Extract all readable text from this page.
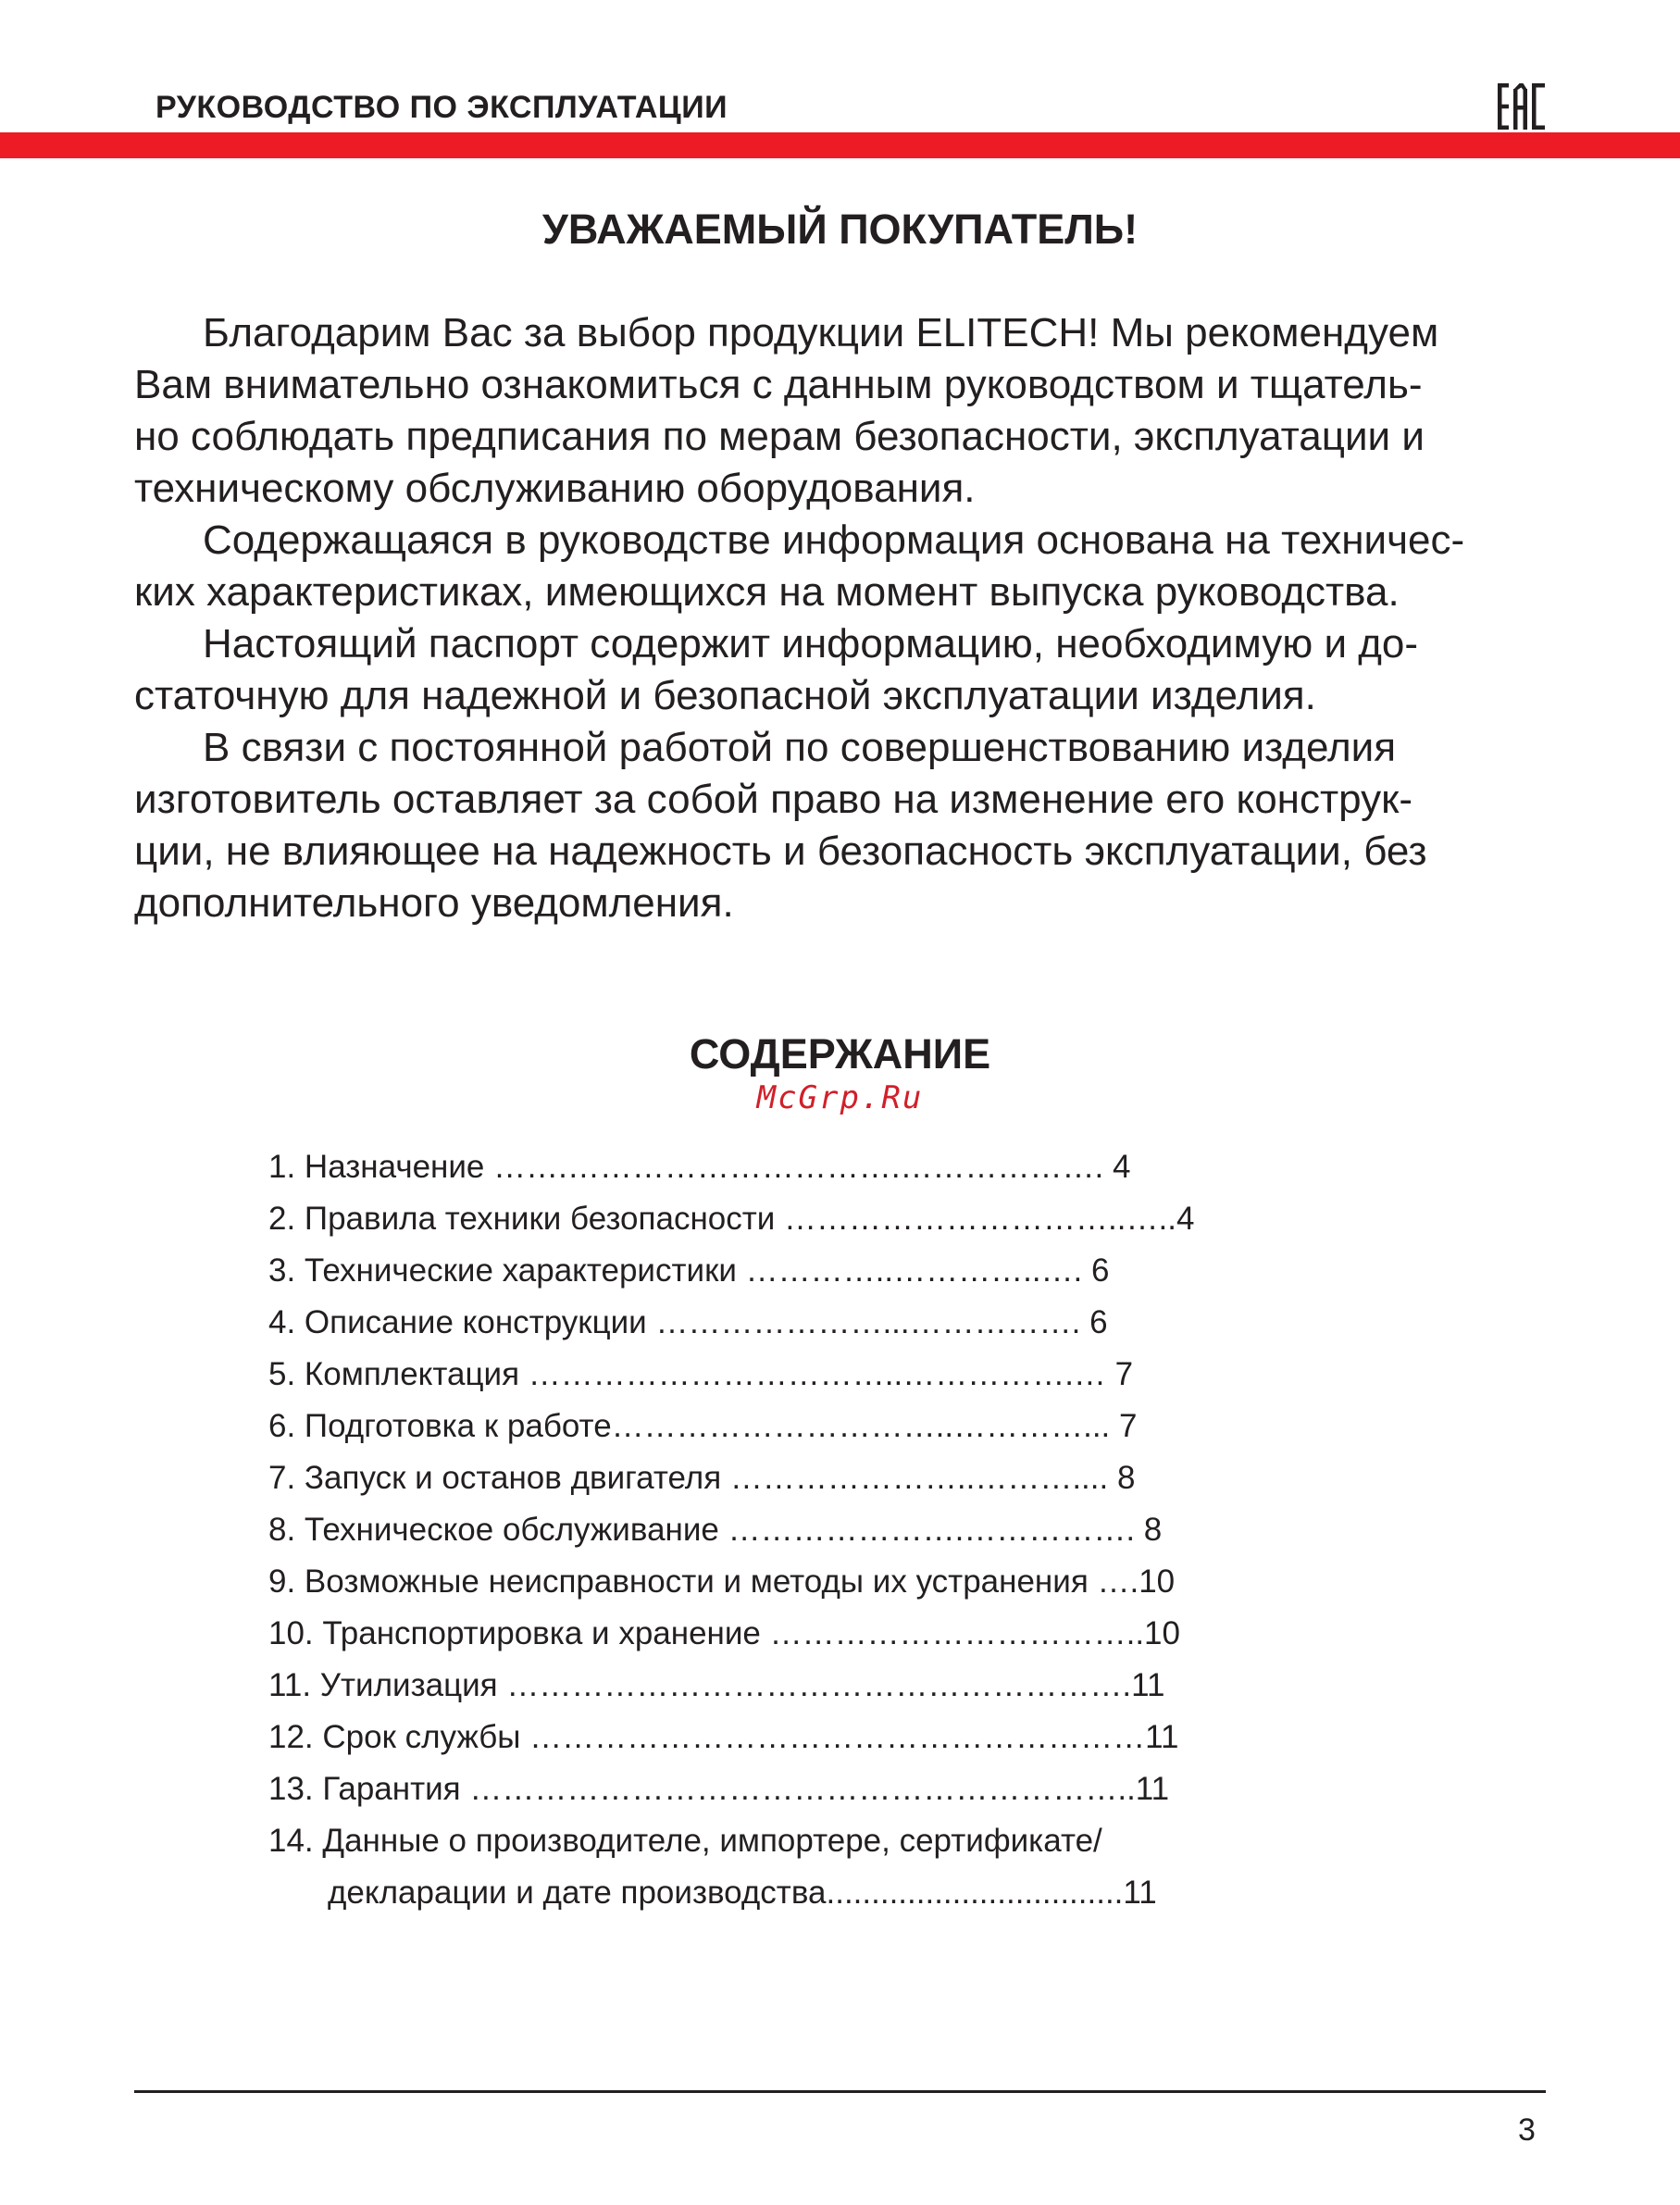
РУКОВОДСТВО ПО ЭКСПЛУАТАЦИИ
УВАЖАЕМЫЙ ПОКУПАТЕЛЬ!

Благодарим Вас за выбор продукции ELITECH! Мы рекомендуем

Вам внимательно ознакомиться с данным руководством и тщатель-

но соблюдать предписания по мерам безопасности, эксплуатации и

техническому обслуживанию оборудования.

Содержащаяся в руководстве информация основана на техничес-

ких характеристиках, имеющихся на момент выпуска руководства.

Настоящий паспорт содержит информацию, необходимую и до-

статочную для надежной и безопасной эксплуатации изделия.

В связи с постоянной работой по совершенствованию изделия

изготовитель оставляет за собой право на изменение его конструк-

ции, не влияющее на надежность и безопасность эксплуатации, без

дополнительного уведомления.

СОДЕРЖАНИЕ
McGrp.Ru
1. Назначение …….………………………….………………. 4
2. Правила техники безопасности …………………………..…..4
3. Технические характеристики …………..…………..…. 6
4. Описание конструкции …………………...……………. 6
5. Комплектация ……………………………..…………….… 7
6. Подготовка к работе…………………………..…………... 7
7. Запуск и останов двигателя …………………..……….... 8
8. Техническое обслуживание ………………….……………. 8
9. Возможные неисправности и методы их устранения ….10
10. Транспортировка и хранение ……………………………..10
11. Утилизация ………………………………………………….11
12. Срок службы …………………………………………………11
13. Гарантия ……………………………………………………..11
14. Данные о производителе, импортере, сертификате/
декларации и дате производства.................................11
3
